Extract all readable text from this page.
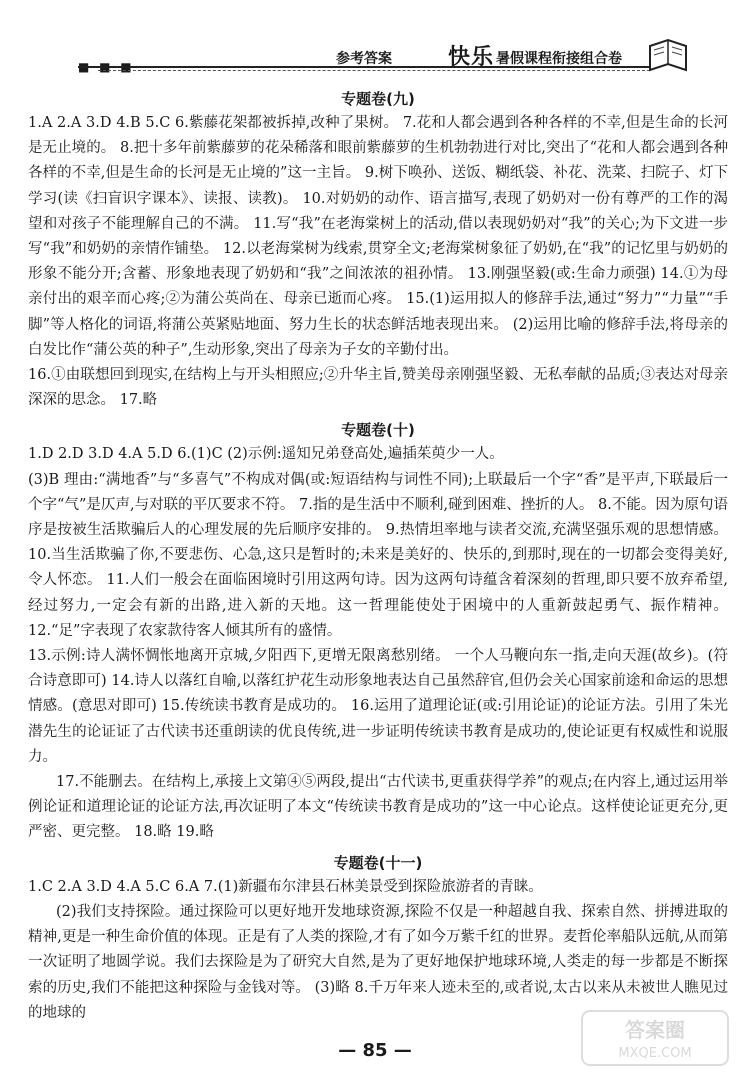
■·■·■·	参考答案	快乐 暑假课程衔接组合卷
专题卷(九)

1.A 2.A 3.D 4.B 5.C 6.紫藤花架都被拆掉,改种了果树。 7.花和人都会遇到各种各样的不幸,但是生命的长河是无止境的。 8.把十多年前紫藤萝的花朵稀落和眼前紫藤萝的生机勃勃进行对比,突出了“花和人都会遇到各种各样的不幸,但是生命的长河是无止境的”这一主旨。 9.树下唤孙、送饭、糊纸袋、补花、洗菜、扫院子、灯下学习(读《扫盲识字课本》、读报、读教)。 10.对奶奶的动作、语言描写,表现了奶奶对一份有尊严的工作的渴望和对孩子不能理解自己的不满。 11.写“我”在老海棠树上的活动,借以表现奶奶对“我”的关心;为下文进一步写“我”和奶奶的亲情作铺垫。 12.以老海棠树为线索,贯穿全文;老海棠树象征了奶奶,在“我”的记忆里与奶奶的形象不能分开;含蓄、形象地表现了奶奶和“我”之间浓浓的祖孙情。 13.刚强坚毅(或:生命力顽强) 14.①为母亲付出的艰辛而心疼;②为蒲公英尚在、母亲已逝而心疼。 15.(1)运用拟人的修辞手法,通过“努力”“力量”“手脚”等人格化的词语,将蒲公英紧贴地面、努力生长的状态鲜活地表现出来。 (2)运用比喻的修辞手法,将母亲的白发比作“蒲公英的种子”,生动形象,突出了母亲为子女的辛勤付出。

16.①由联想回到现实,在结构上与开头相照应;②升华主旨,赞美母亲刚强坚毅、无私奉献的品质;③表达对母亲深深的思念。 17.略

专题卷(十)

1.D 2.D 3.D 4.A 5.D 6.(1)C (2)示例:遥知兄弟登高处,遍插茱萸少一人。

(3)B 理由:“满地香”与“多喜气”不构成对偶(或:短语结构与词性不同);上联最后一个字“香”是平声,下联最后一个字“气”是仄声,与对联的平仄要求不符。 7.指的是生活中不顺利,碰到困难、挫折的人。 8.不能。因为原句语序是按被生活欺骗后人的心理发展的先后顺序安排的。 9.热情坦率地与读者交流,充满坚强乐观的思想情感。 10.当生活欺骗了你,不要悲伤、心急,这只是暂时的;未来是美好的、快乐的,到那时,现在的一切都会变得美好,令人怀恋。 11.人们一般会在面临困境时引用这两句诗。因为这两句诗蕴含着深刻的哲理,即只要不放弃希望,经过努力,一定会有新的出路,进入新的天地。这一哲理能使处于困境中的人重新鼓起勇气、振作精神。 12.“足”字表现了农家款待客人倾其所有的盛情。

13.示例:诗人满怀惆怅地离开京城,夕阳西下,更增无限离愁别绪。 一个人马鞭向东一指,走向天涯(故乡)。(符合诗意即可) 14.诗人以落红自喻,以落红护花生动形象地表达自己虽然辞官,但仍会关心国家前途和命运的思想情感。(意思对即可) 15.传统读书教育是成功的。 16.运用了道理论证(或:引用论证)的论证方法。引用了朱光潜先生的论证证了古代读书还重朗读的优良传统,进一步证明传统读书教育是成功的,使论证更有权威性和说服力。

17.不能删去。在结构上,承接上文第④⑤两段,提出“古代读书,更重获得学养”的观点;在内容上,通过运用举例论证和道理论证的论证方法,再次证明了本文“传统读书教育是成功的”这一中心论点。这样使论证更充分,更严密、更完整。 18.略 19.略

专题卷(十一)

1.C 2.A 3.D 4.A 5.C 6.A 7.(1)新疆布尔津县石林美景受到探险旅游者的青睐。

(2)我们支持探险。通过探险可以更好地开发地球资源,探险不仅是一种超越自我、探索自然、拼搏进取的精神,更是一种生命价值的体现。正是有了人类的探险,才有了如今万紫千红的世界。麦哲伦率船队远航,从而第一次证明了地圆学说。我们去探险是为了研究大自然,是为了更好地保护地球环境,人类走的每一步都是不断探索的历史,我们不能把这种探险与金钱对等。 (3)略 8.千万年来人迹未至的,或者说,太古以来从未被世人瞧见过的地球的

— 85 —
答案圈
MXQE.COM
